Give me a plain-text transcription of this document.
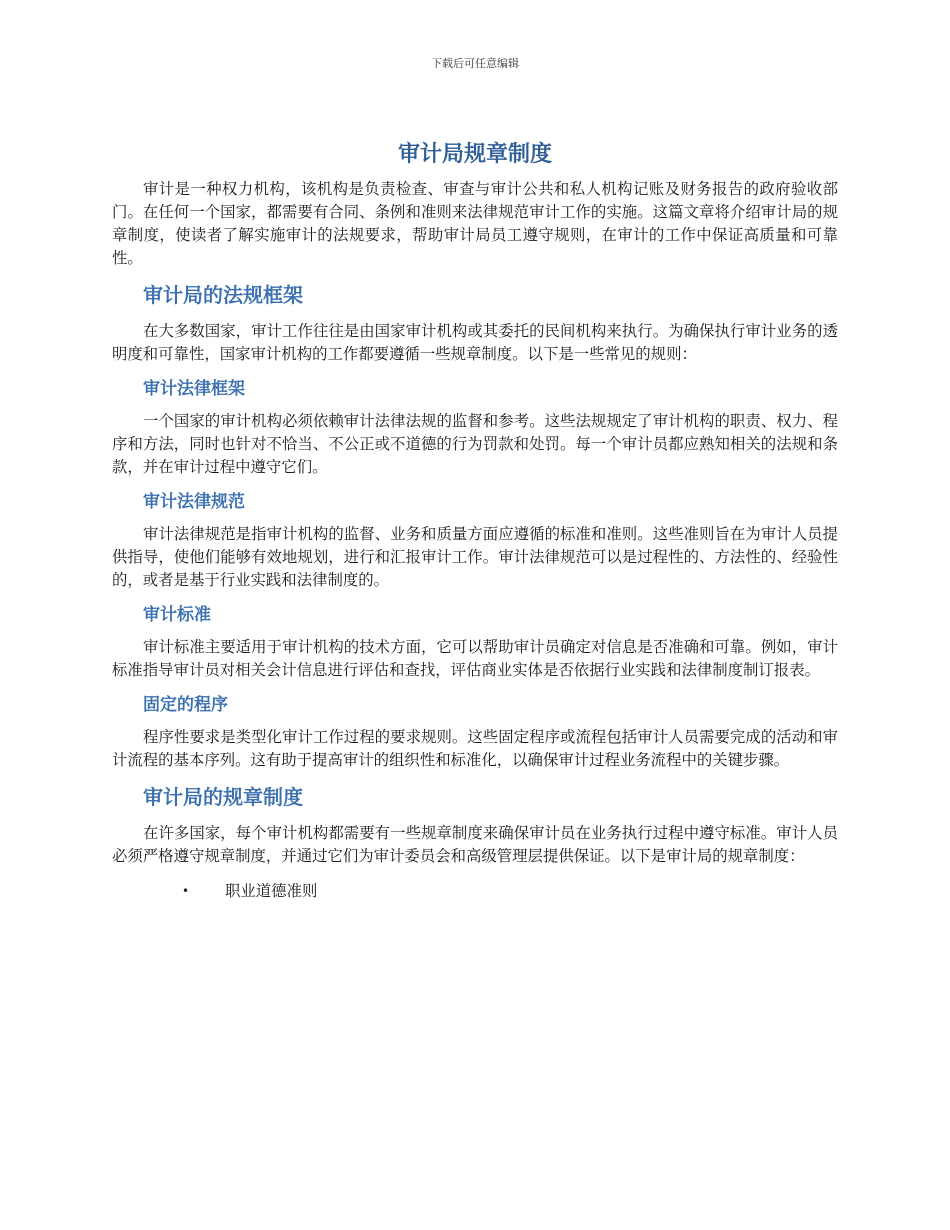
下载后可任意编辑
审计局规章制度

审计是一种权力机构，该机构是负责检查、审查与审计公共和私人机构记账及财务报告的政府验收部门。在任何一个国家，都需要有合同、条例和准则来法律规范审计工作的实施。这篇文章将介绍审计局的规章制度，使读者了解实施审计的法规要求，帮助审计局员工遵守规则，在审计的工作中保证高质量和可靠性。

审计局的法规框架

在大多数国家，审计工作往往是由国家审计机构或其委托的民间机构来执行。为确保执行审计业务的透明度和可靠性，国家审计机构的工作都要遵循一些规章制度。以下是一些常见的规则：

审计法律框架

一个国家的审计机构必须依赖审计法律法规的监督和参考。这些法规规定了审计机构的职责、权力、程序和方法，同时也针对不恰当、不公正或不道德的行为罚款和处罚。每一个审计员都应熟知相关的法规和条款，并在审计过程中遵守它们。

审计法律规范

审计法律规范是指审计机构的监督、业务和质量方面应遵循的标准和准则。这些准则旨在为审计人员提供指导，使他们能够有效地规划，进行和汇报审计工作。审计法律规范可以是过程性的、方法性的、经验性的，或者是基于行业实践和法律制度的。

审计标准

审计标准主要适用于审计机构的技术方面，它可以帮助审计员确定对信息是否准确和可靠。例如，审计标准指导审计员对相关会计信息进行评估和查找，评估商业实体是否依据行业实践和法律制度制订报表。

固定的程序

程序性要求是类型化审计工作过程的要求规则。这些固定程序或流程包括审计人员需要完成的活动和审计流程的基本序列。这有助于提高审计的组织性和标准化，以确保审计过程业务流程中的关键步骤。

审计局的规章制度

在许多国家，每个审计机构都需要有一些规章制度来确保审计员在业务执行过程中遵守标准。审计人员必须严格遵守规章制度，并通过它们为审计委员会和高级管理层提供保证。以下是审计局的规章制度：

• 职业道德准则
